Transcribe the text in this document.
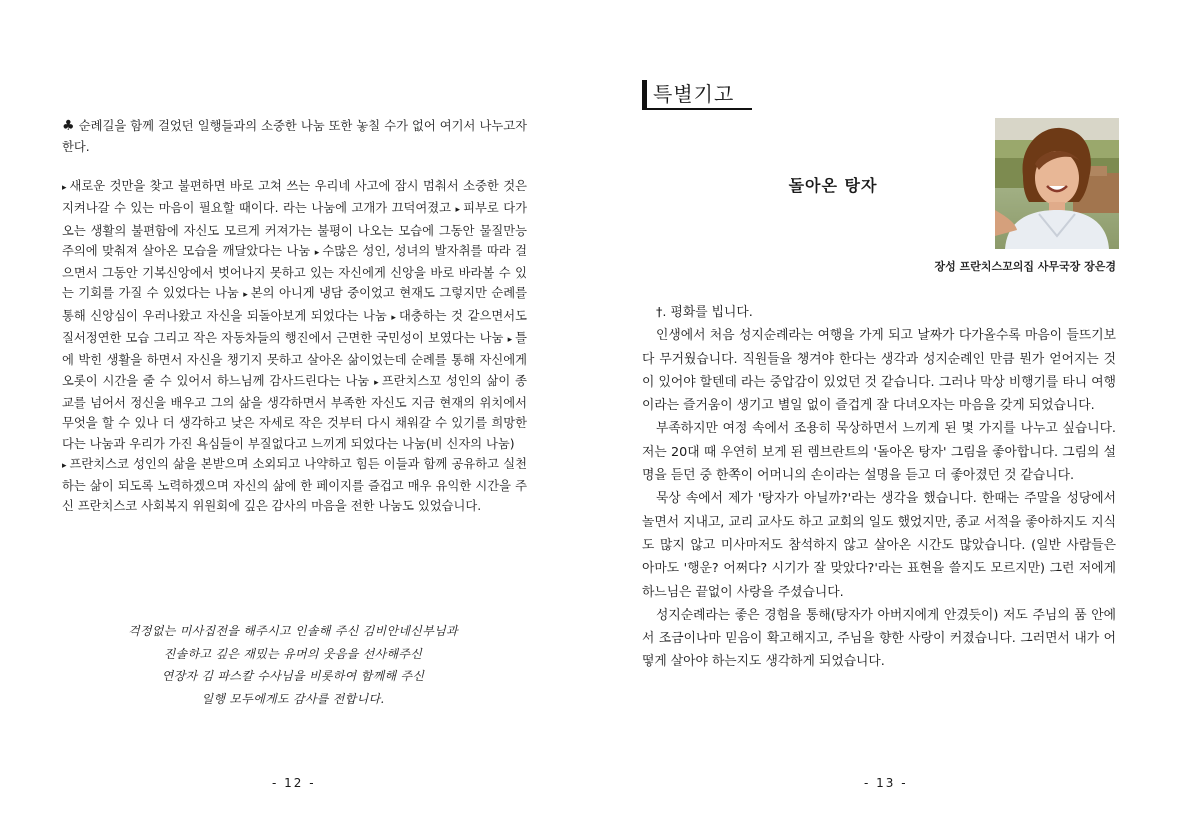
♣ 순례길을 함께 걸었던 일행들과의 소중한 나눔 또한 놓칠 수가 없어 여기서 나누고자 한다.

▸ 새로운 것만을 찾고 불편하면 바로 고쳐 쓰는 우리네 사고에 잠시 멈춰서 소중한 것은 지켜나갈 수 있는 마음이 필요할 때이다. 라는 나눔에 고개가 끄덕여졌고 ▸ 피부로 다가오는 생활의 불편함에 자신도 모르게 커져가는 불평이 나오는 모습에 그동안 물질만능주의에 맞춰져 살아온 모습을 깨달았다는 나눔 ▸ 수많은 성인, 성녀의 발자취를 따라 걸으면서 그동안 기복신앙에서 벗어나지 못하고 있는 자신에게 신앙을 바로 바라볼 수 있는 기회를 가질 수 있었다는 나눔 ▸ 본의 아니게 냉담 중이었고 현재도 그렇지만 순례를 통해 신앙심이 우러나왔고 자신을 되돌아보게 되었다는 나눔 ▸ 대충하는 것 같으면서도 질서정연한 모습 그리고 작은 자동차들의 행진에서 근면한 국민성이 보였다는 나눔 ▸ 틀에 박힌 생활을 하면서 자신을 챙기지 못하고 살아온 삶이었는데 순례를 통해 자신에게 오롯이 시간을 줄 수 있어서 하느님께 감사드린다는 나눔 ▸ 프란치스꼬 성인의 삶이 종교를 넘어서 정신을 배우고 그의 삶을 생각하면서 부족한 자신도 지금 현재의 위치에서 무엇을 할 수 있나 더 생각하고 낮은 자세로 작은 것부터 다시 채워갈 수 있기를 희망한다는 나눔과 우리가 가진 욕심들이 부질없다고 느끼게 되었다는 나눔(비 신자의 나눔)

▸ 프란치스코 성인의 삶을 본받으며 소외되고 나약하고 힘든 이들과 함께 공유하고 실천하는 삶이 되도록 노력하겠으며 자신의 삶에 한 페이지를 즐겁고 매우 유익한 시간을 주신 프란치스코 사회복지 위원회에 깊은 감사의 마음을 전한 나눔도 있었습니다.

걱정없는 미사집전을 해주시고 인솔해 주신 김비안네신부님과
진솔하고 깊은 재밌는 유머의 웃음을 선사해주신
연장자 김 파스칼 수사님을 비롯하여 함께해 주신
일행 모두에게도 감사를 전합니다.
- 12 -
특별기고
돌아온 탕자
장성 프란치스꼬의집 사무국장 장은경

†. 평화를 빕니다.

인생에서 처음 성지순례라는 여행을 가게 되고 날짜가 다가올수록 마음이 들뜨기보다 무거웠습니다. 직원들을 챙겨야 한다는 생각과 성지순례인 만큼 뭔가 얻어지는 것이 있어야 할텐데 라는 중압감이 있었던 것 같습니다. 그러나 막상 비행기를 타니 여행이라는 즐거움이 생기고 별일 없이 즐겁게 잘 다녀오자는 마음을 갖게 되었습니다.

부족하지만 여정 속에서 조용히 묵상하면서 느끼게 된 몇 가지를 나누고 싶습니다. 저는 20대 때 우연히 보게 된 렘브란트의 '돌아온 탕자' 그림을 좋아합니다. 그림의 설명을 듣던 중 한쪽이 어머니의 손이라는 설명을 듣고 더 좋아졌던 것 같습니다.

묵상 속에서 제가 '탕자가 아닐까?'라는 생각을 했습니다. 한때는 주말을 성당에서 놀면서 지내고, 교리 교사도 하고 교회의 일도 했었지만, 종교 서적을 좋아하지도 지식도 많지 않고 미사마저도 참석하지 않고 살아온 시간도 많았습니다. (일반 사람들은 아마도 '행운? 어쩌다? 시기가 잘 맞았다?'라는 표현을 쓸지도 모르지만) 그런 저에게 하느님은 끝없이 사랑을 주셨습니다.

성지순례라는 좋은 경험을 통해(탕자가 아버지에게 안겼듯이) 저도 주님의 품 안에서 조금이나마 믿음이 확고해지고, 주님을 향한 사랑이 커졌습니다. 그러면서 내가 어떻게 살아야 하는지도 생각하게 되었습니다.

- 13 -
